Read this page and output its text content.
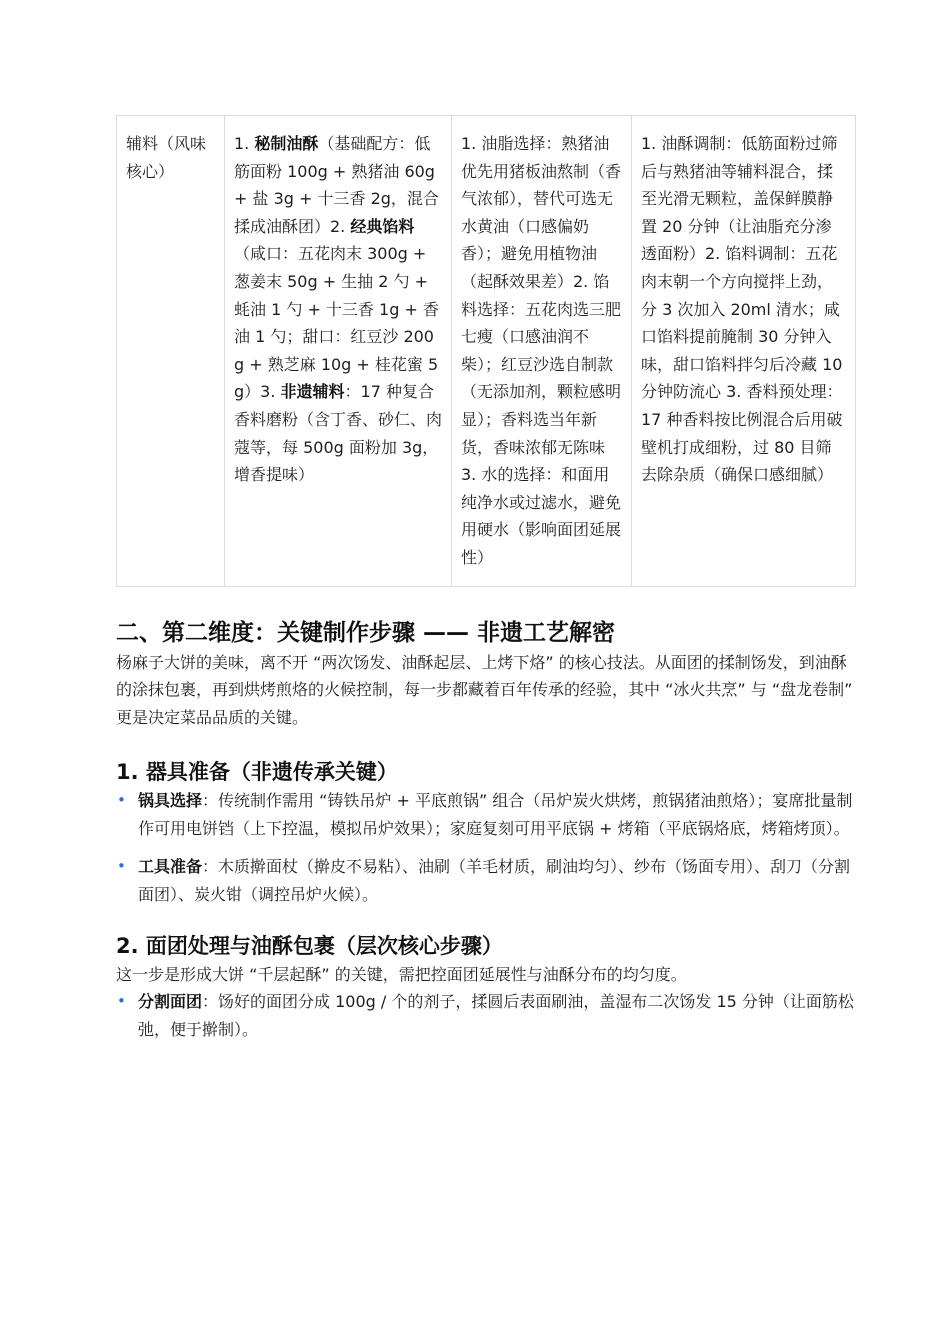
辅料（风味核心）	1. 秘制油酥（基础配方：低筋面粉 100g + 熟猪油 60g + 盐 3g + 十三香 2g，混合揉成油酥团）2. 经典馅料（咸口：五花肉末 300g + 葱姜末 50g + 生抽 2 勺 + 蚝油 1 勺 + 十三香 1g + 香油 1 勺；甜口：红豆沙 200g + 熟芝麻 10g + 桂花蜜 5g）3. 非遗辅料：17 种复合香料磨粉（含丁香、砂仁、肉蔻等，每 500g 面粉加 3g，增香提味）	1. 油脂选择：熟猪油优先用猪板油熬制（香气浓郁），替代可选无水黄油（口感偏奶香）；避免用植物油（起酥效果差）2. 馅料选择：五花肉选三肥七瘦（口感油润不柴）；红豆沙选自制款（无添加剂，颗粒感明显）；香料选当年新货，香味浓郁无陈味 3. 水的选择：和面用纯净水或过滤水，避免用硬水（影响面团延展性）	1. 油酥调制：低筋面粉过筛后与熟猪油等辅料混合，揉至光滑无颗粒，盖保鲜膜静置 20 分钟（让油脂充分渗透面粉）2. 馅料调制：五花肉末朝一个方向搅拌上劲，分 3 次加入 20ml 清水；咸口馅料提前腌制 30 分钟入味，甜口馅料拌匀后冷藏 10 分钟防流心 3. 香料预处理：17 种香料按比例混合后用破壁机打成细粉，过 80 目筛去除杂质（确保口感细腻）
二、第二维度：关键制作步骤 —— 非遗工艺解密

杨麻子大饼的美味，离不开 “两次饧发、油酥起层、上烤下烙” 的核心技法。从面团的揉制饧发，到油酥的涂抹包裹，再到烘烤煎烙的火候控制，每一步都藏着百年传承的经验，其中 “冰火共烹” 与 “盘龙卷制” 更是决定菜品品质的关键。

1. 器具准备（非遗传承关键）
• 锅具选择：传统制作需用 “铸铁吊炉 + 平底煎锅” 组合（吊炉炭火烘烤，煎锅猪油煎烙）；宴席批量制作可用电饼铛（上下控温，模拟吊炉效果）；家庭复刻可用平底锅 + 烤箱（平底锅烙底，烤箱烤顶）。
• 工具准备：木质擀面杖（擀皮不易粘）、油刷（羊毛材质，刷油均匀）、纱布（饧面专用）、刮刀（分割面团）、炭火钳（调控吊炉火候）。
2. 面团处理与油酥包裹（层次核心步骤）

这一步是形成大饼 “千层起酥” 的关键，需把控面团延展性与油酥分布的均匀度。

• 分割面团：饧好的面团分成 100g / 个的剂子，揉圆后表面刷油，盖湿布二次饧发 15 分钟（让面筋松弛，便于擀制）。
